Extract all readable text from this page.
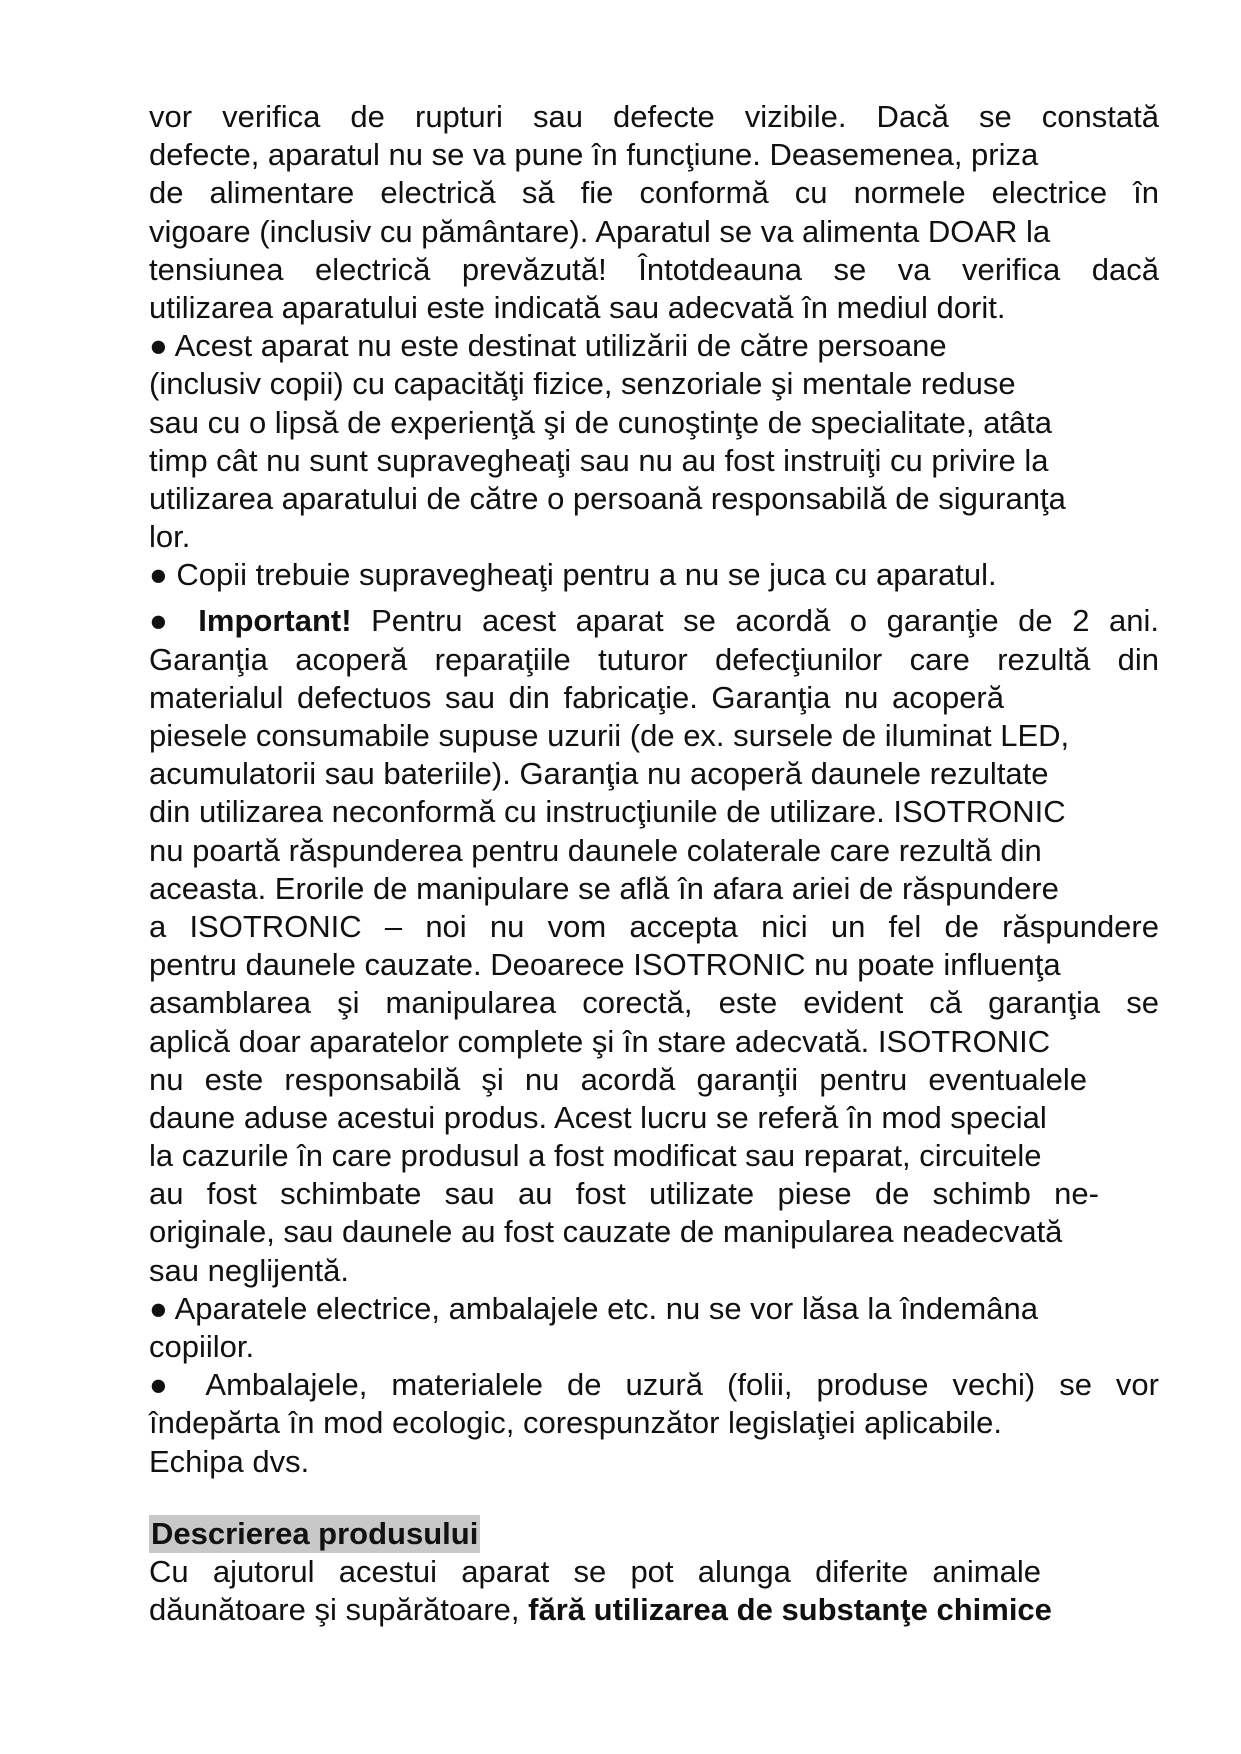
vor verifica de rupturi sau defecte vizibile. Dacă se constată
defecte, aparatul nu se va pune în funcţiune. Deasemenea, priza
de alimentare electrică să fie conformă cu normele electrice în
vigoare (inclusiv cu pământare). Aparatul se va alimenta DOAR la
tensiunea electrică prevăzută! Întotdeauna se va verifica dacă
utilizarea aparatului este indicată sau adecvată în mediul dorit.
● Acest aparat nu este destinat utilizării de către persoane
(inclusiv copii) cu capacităţi fizice, senzoriale şi mentale reduse
sau cu o lipsă de experienţă şi de cunoştinţe de specialitate, atâta
timp cât nu sunt supravegheaţi sau nu au fost instruiţi cu privire la
utilizarea aparatului de către o persoană responsabilă de siguranţa
lor.
● Copii trebuie supravegheaţi pentru a nu se juca cu aparatul.
● Important! Pentru acest aparat se acordă o garanţie de 2 ani.
Garanţia acoperă reparaţiile tuturor defecţiunilor care rezultă din
materialul defectuos sau din fabricaţie. Garanţia nu acoperă
piesele consumabile supuse uzurii (de ex. sursele de iluminat LED,
acumulatorii sau bateriile). Garanţia nu acoperă daunele rezultate
din utilizarea neconformă cu instrucţiunile de utilizare. ISOTRONIC
nu poartă răspunderea pentru daunele colaterale care rezultă din
aceasta. Erorile de manipulare se află în afara ariei de răspundere
a ISOTRONIC – noi nu vom accepta nici un fel de răspundere
pentru daunele cauzate. Deoarece ISOTRONIC nu poate influenţa
asamblarea şi manipularea corectă, este evident că garanţia se
aplică doar aparatelor complete şi în stare adecvată. ISOTRONIC
nu este responsabilă şi nu acordă garanţii pentru eventualele
daune aduse acestui produs. Acest lucru se referă în mod special
la cazurile în care produsul a fost modificat sau reparat, circuitele
au fost schimbate sau au fost utilizate piese de schimb ne-
originale, sau daunele au fost cauzate de manipularea neadecvată
sau neglijentă.
● Aparatele electrice, ambalajele etc. nu se vor lăsa la îndemâna
copiilor.
● Ambalajele, materialele de uzură (folii, produse vechi) se vor
îndepărta în mod ecologic, corespunzător legislaţiei aplicabile.
Echipa dvs.
Descrierea produsului
Cu ajutorul acestui aparat se pot alunga diferite animale
dăunătoare şi supărătoare, fără utilizarea de substanţe chimice
